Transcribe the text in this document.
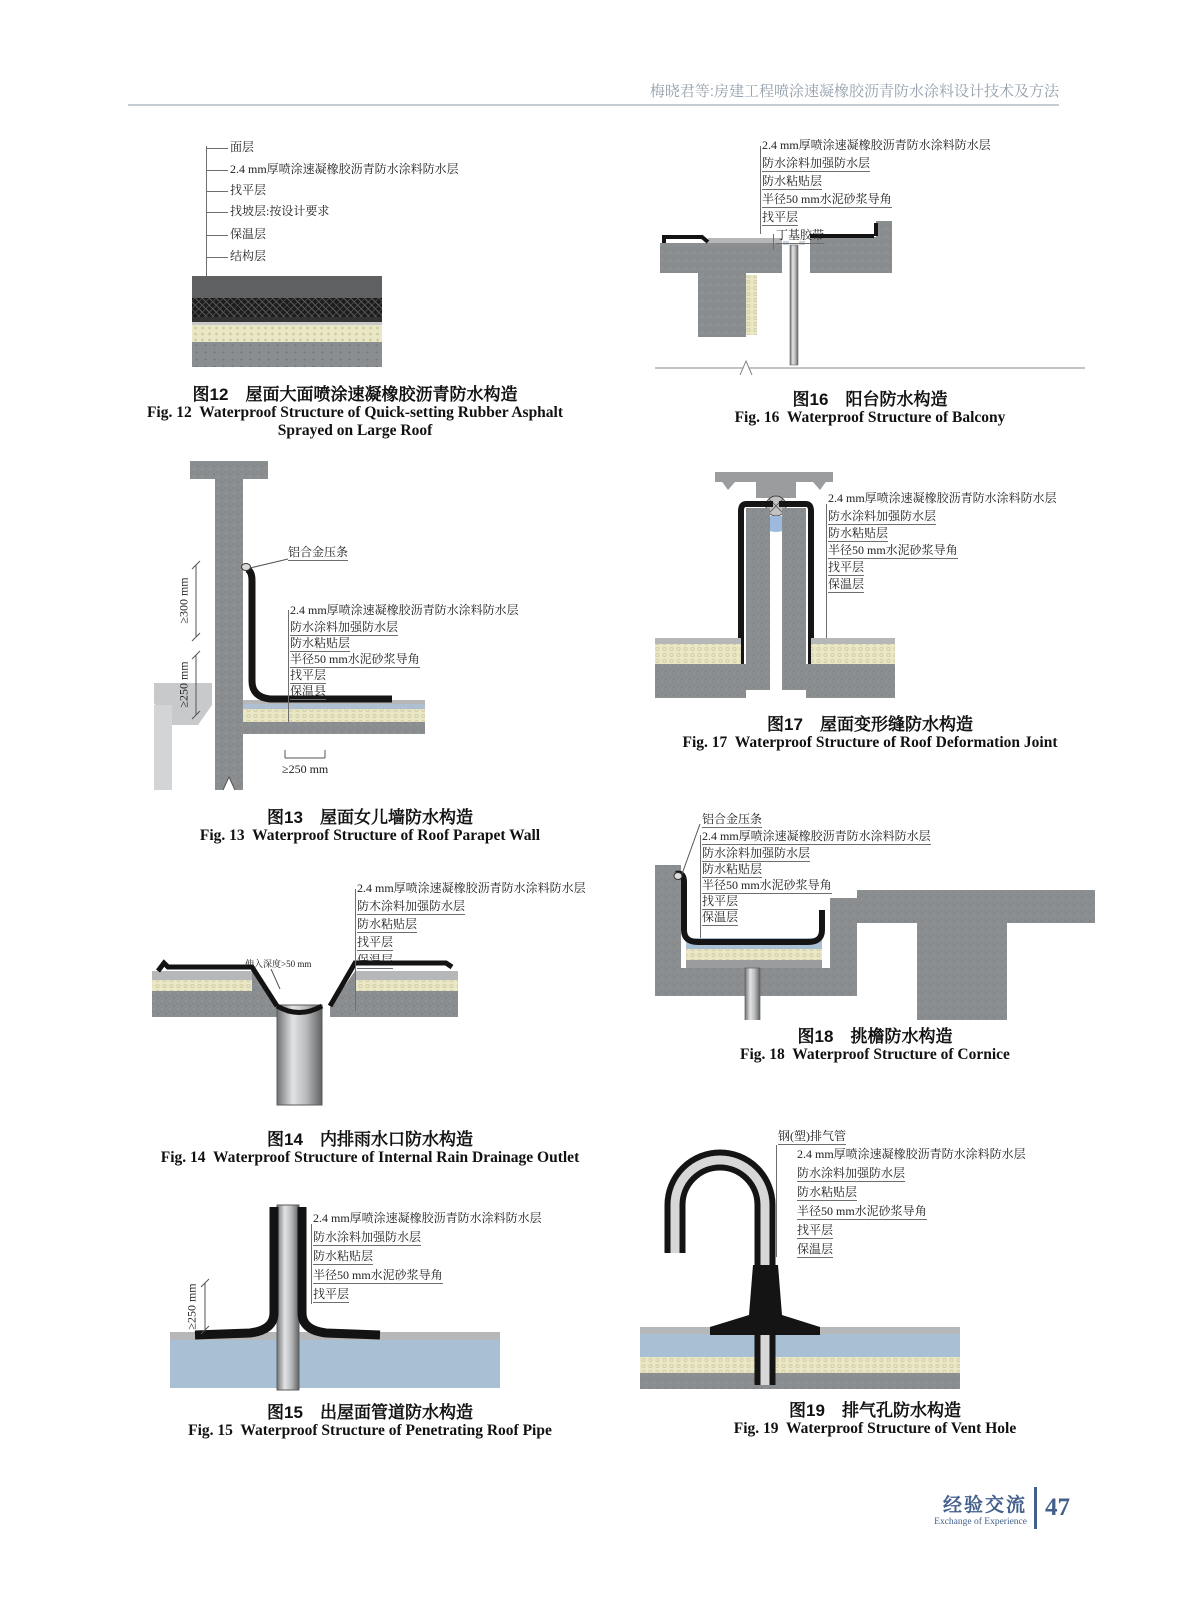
梅晓君等:房建工程喷涂速凝橡胶沥青防水涂料设计技术及方法
面层
2.4 mm厚喷涂速凝橡胶沥青防水涂料防水层
找平层
找坡层:按设计要求
保温层
结构层
图12　屋面大面喷涂速凝橡胶沥青防水构造
Fig. 12  Waterproof Structure of Quick-setting Rubber Asphalt Sprayed on Large Roof
铝合金压条
2.4 mm厚喷涂速凝橡胶沥青防水涂料防水层
防水涂料加强防水层
防水粘贴层
半径50 mm水泥砂浆导角
找平层
保温县
≥300 mm
≥250 mm
≥250 mm
图13　屋面女儿墙防水构造
Fig. 13  Waterproof Structure of Roof Parapet Wall
伸入深度>50 mm
2.4 mm厚喷涂速凝橡胶沥青防水涂料防水层
防木涂料加强防水层
防水粘贴层
找平层
保温层
图14　内排雨水口防水构造
Fig. 14  Waterproof Structure of Internal Rain Drainage Outlet
2.4 mm厚喷涂速凝橡胶沥青防水涂料防水层
防水涂料加强防水层
防水粘贴层
半径50 mm水泥砂浆导角
找平层
≥250 mm
图15　出屋面管道防水构造
Fig. 15  Waterproof Structure of Penetrating Roof Pipe
2.4 mm厚喷涂速凝橡胶沥青防水涂料防水层
防水涂料加强防水层
防水粘贴层
半径50 mm水泥砂浆导角
找平层
丁基胶带
图16　阳台防水构造
Fig. 16  Waterproof Structure of Balcony
2.4 mm厚喷涂速凝橡胶沥青防水涂料防水层
防水涂料加强防水层
防水粘贴层
半径50 mm水泥砂浆导角
找平层
保温层
图17　屋面变形缝防水构造
Fig. 17  Waterproof Structure of Roof Deformation Joint
铝合金压条
2.4 mm厚喷涂速凝橡胶沥青防水涂料防水层
防水涂料加强防水层
防水粘贴层
半径50 mm水泥砂浆导角
找平层
保温层
图18　挑檐防水构造
Fig. 18  Waterproof Structure of Cornice
钢(塑)排气管
2.4 mm厚喷涂速凝橡胶沥青防水涂料防水层
防水涂料加强防水层
防水粘贴层
半径50 mm水泥砂浆导角
找平层
保温层
图19　排气孔防水构造
Fig. 19  Waterproof Structure of Vent Hole
经验交流
Exchange of Experience
47
